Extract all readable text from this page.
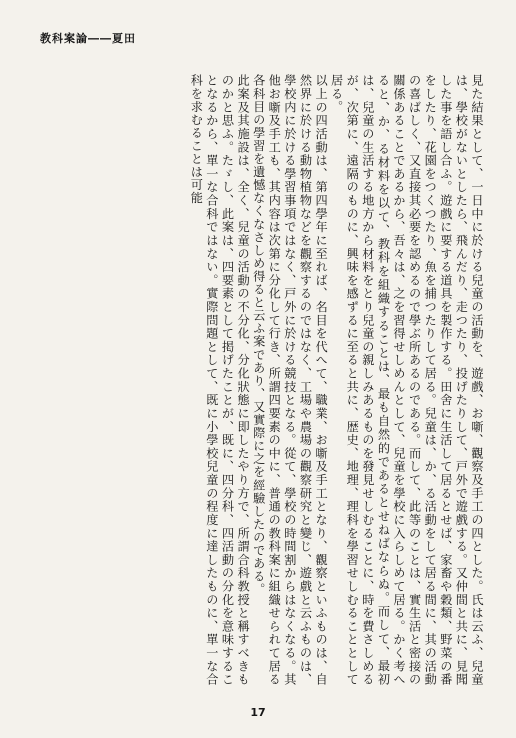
教科案論――夏田

見た結果として、一日中に於ける兒童の活動を、遊戲、お噺、觀察及手工の四とした。氏は云ふ、兒童は、學校がないとしたら、飛んだり、走つたり、投げたりして、戸外で遊戲する。又仲間と共に、見聞した事を語し合ふ。遊戲に要する道具を製作する。田舍に生活して居るとせば、家畜や穀類、野菜の番をしたり、花園をつくつたり、魚を捕つたりして居る。兒童は、か、る活動をして居る間に、其の活動の喜ばしく、又直接其必要を認めるので學ぶ所あるのである。而して、此等のことは、實生活と密接の關係あることであるから、吾々は、之を習得せしめんとして、兒童を學校に入らしめて居る。かく考へると、か、る材料を以て、教科を組織することは、最も自然的であるとせねばならぬ。而して、最初は、兒童の生活する地方から材料をとり兒童の親しみあるものを發見せしむることに、時を費さしめるが、次第に、遠隔のものに、興味を感ずるに至ると共に、歴史、地理、理科を學習せしむることとして居る。

以上の四活動は、第四學年に至れば、名目を代へて、職業、お噺及手工となり、觀察といふものは、自然界に於ける動物植物などを觀察するのではなく、工場や農場の觀察研究と變じ、遊戲と云ふものは、學校内に於ける學習事項ではなく、戸外に於ける競技となる。從て、學校の時間割からはなくなる。其他お噺及手工も、其内容は次第に分化して行き、所謂四要素の中に、普通の教科案に組織せられて居る各科目の學習を遺憾なくなさしめ得ると云ふ案であり、又實際に之を經驗したのである。

此案及其施設は、全く、兒童の活動の不分化、分化狀態に即したやり方で、所謂合科教授と稱すべきものかと思ふ。たゞし、此案は、四要素として掲げたことが、既に、四分科、四活動の分化を意味することなるから、單一な合科ではない。實際問題として、既に小學校兒童の程度に達したものに、單一な合科を求むることは可能

17
